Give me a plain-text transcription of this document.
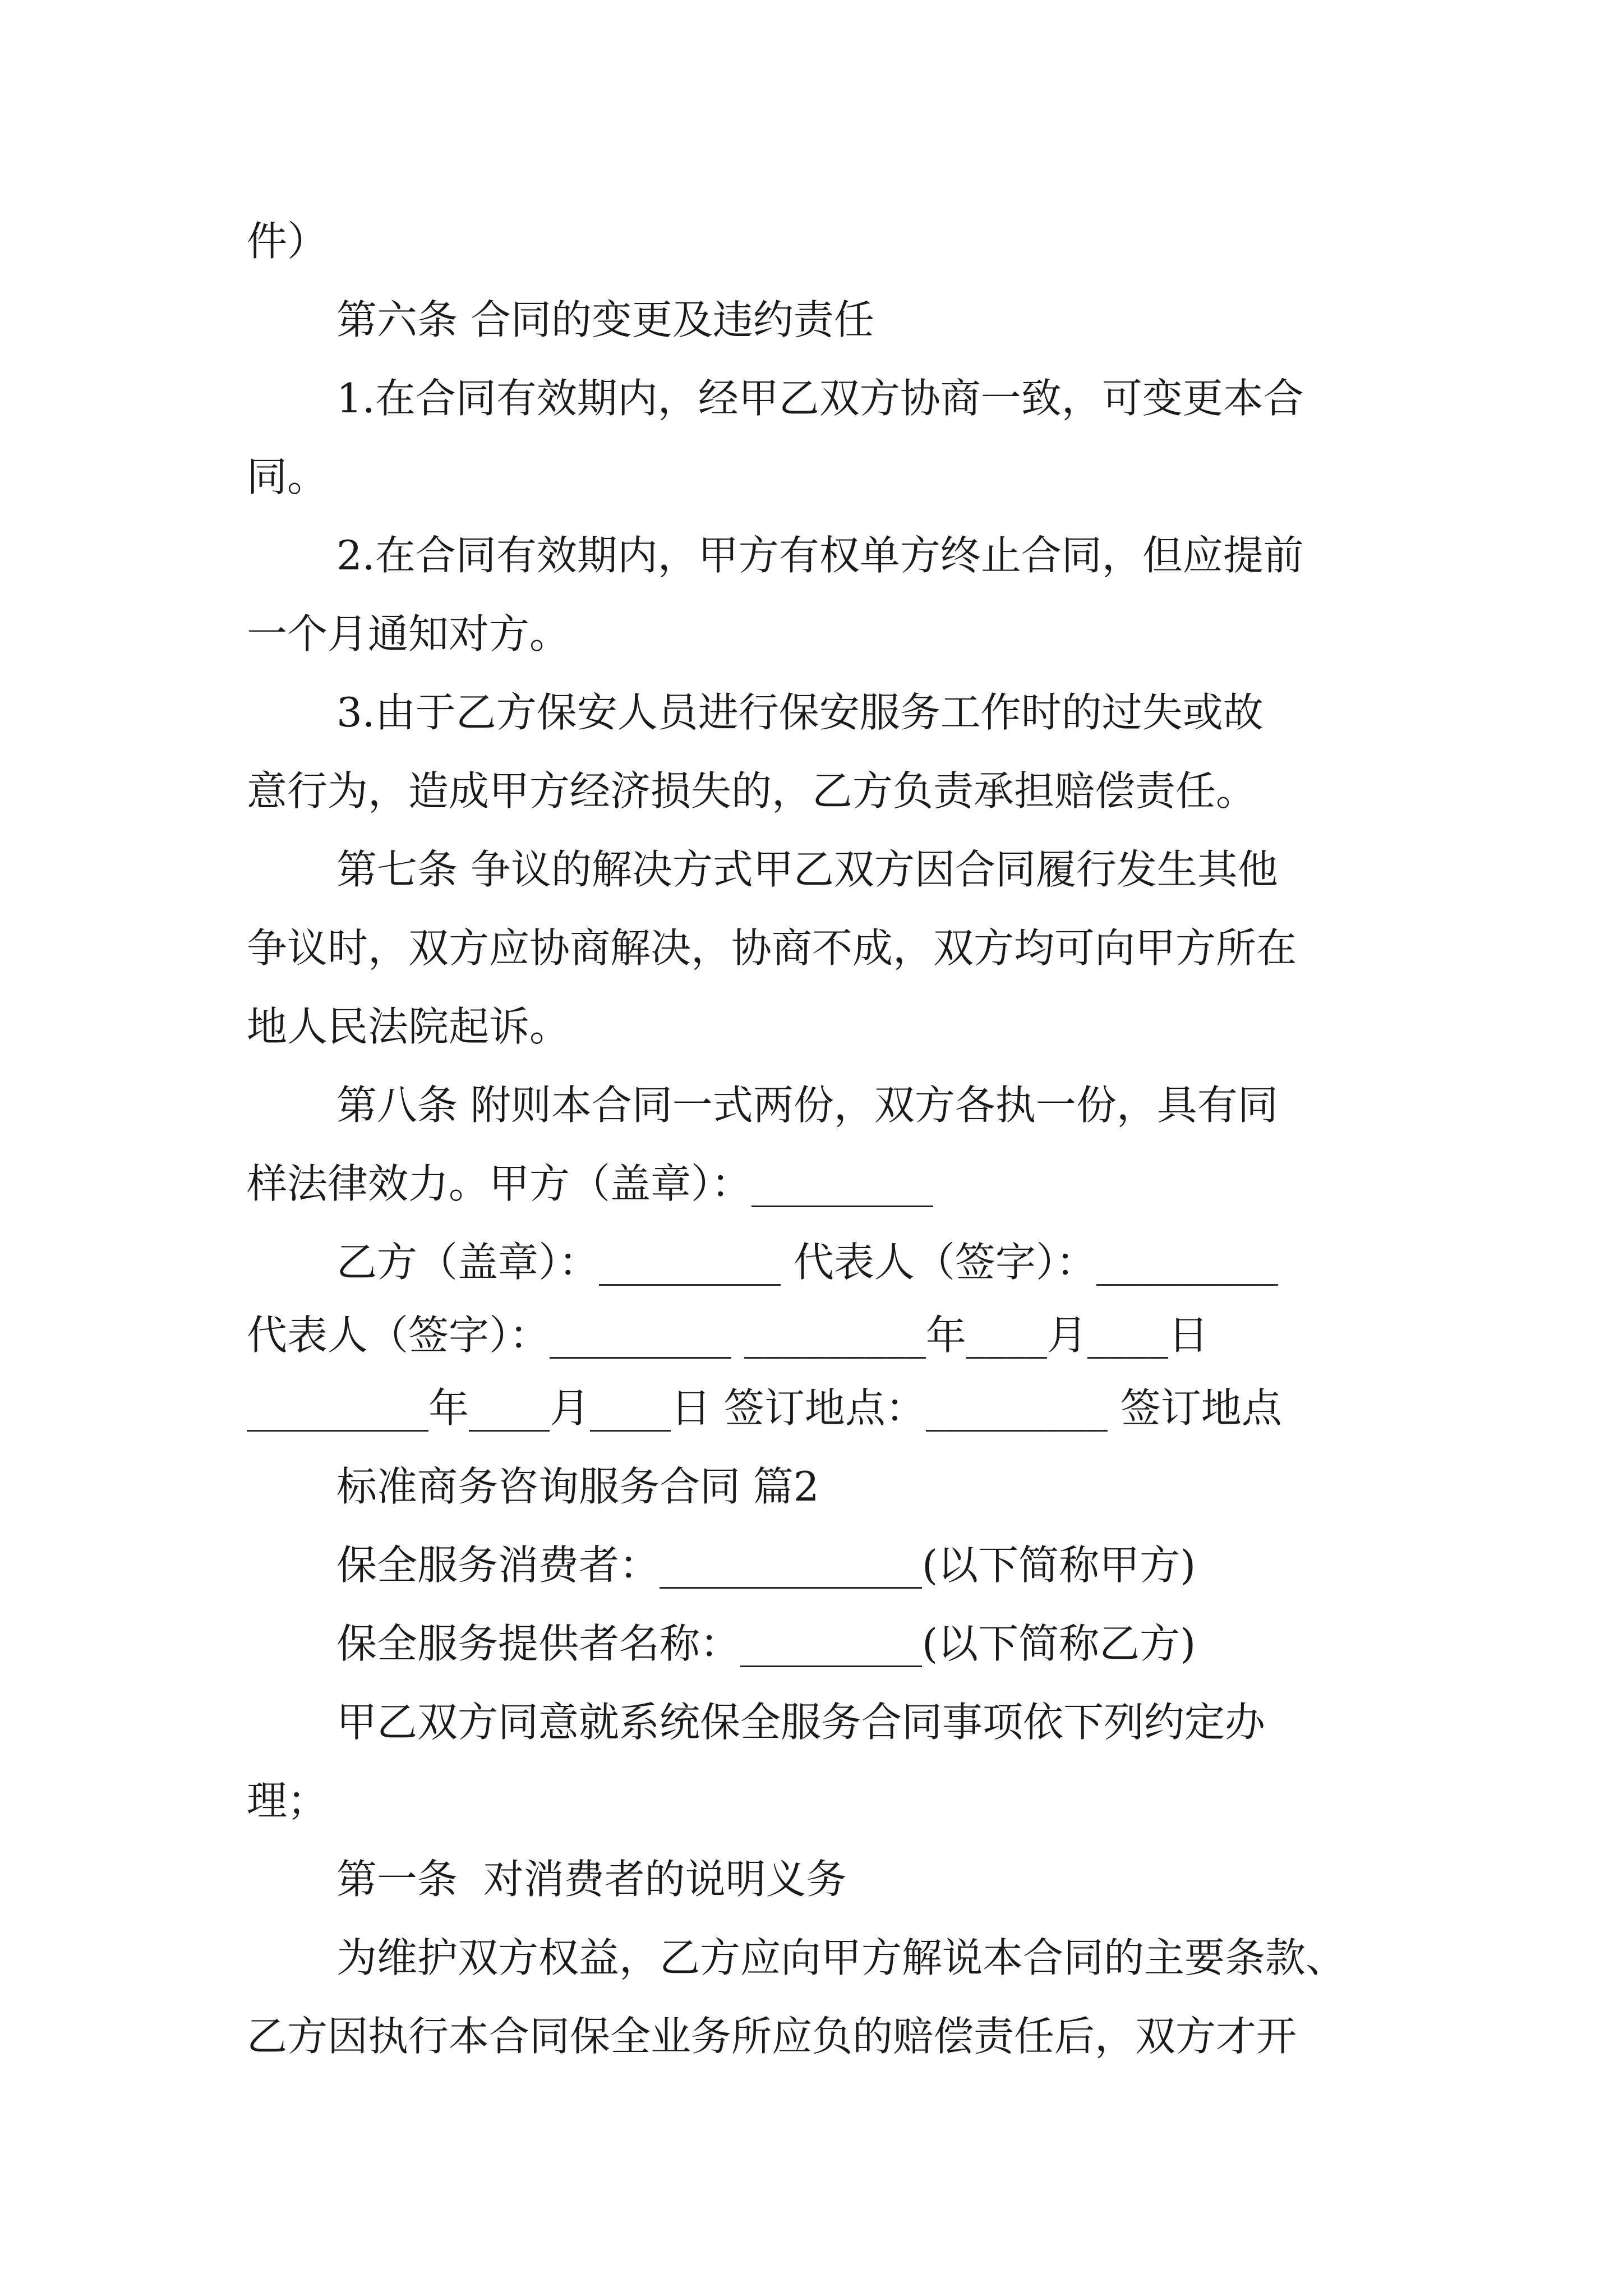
件）
第六条 合同的变更及违约责任
1.在合同有效期内，经甲乙双方协商一致，可变更本合
同。
2.在合同有效期内，甲方有权单方终止合同，但应提前
一个月通知对方。
3.由于乙方保安人员进行保安服务工作时的过失或故
意行为，造成甲方经济损失的，乙方负责承担赔偿责任。
第七条 争议的解决方式甲乙双方因合同履行发生其他
争议时，双方应协商解决，协商不成，双方均可向甲方所在
地人民法院起诉。
第八条 附则本合同一式两份，双方各执一份，具有同
样法律效力。甲方（盖章）：_________
乙方（盖章）：_________ 代表人（签字）：_________
代表人（签字）：_________ _________年____月____日
_________年____月____日 签订地点：_________ 签订地点
标准商务咨询服务合同 篇2
保全服务消费者：_____________(以下简称甲方)
保全服务提供者名称：_________(以下简称乙方)
甲乙双方同意就系统保全服务合同事项依下列约定办
理；
第一条  对消费者的说明义务
为维护双方权益，乙方应向甲方解说本合同的主要条款、
乙方因执行本合同保全业务所应负的赔偿责任后，双方才开
